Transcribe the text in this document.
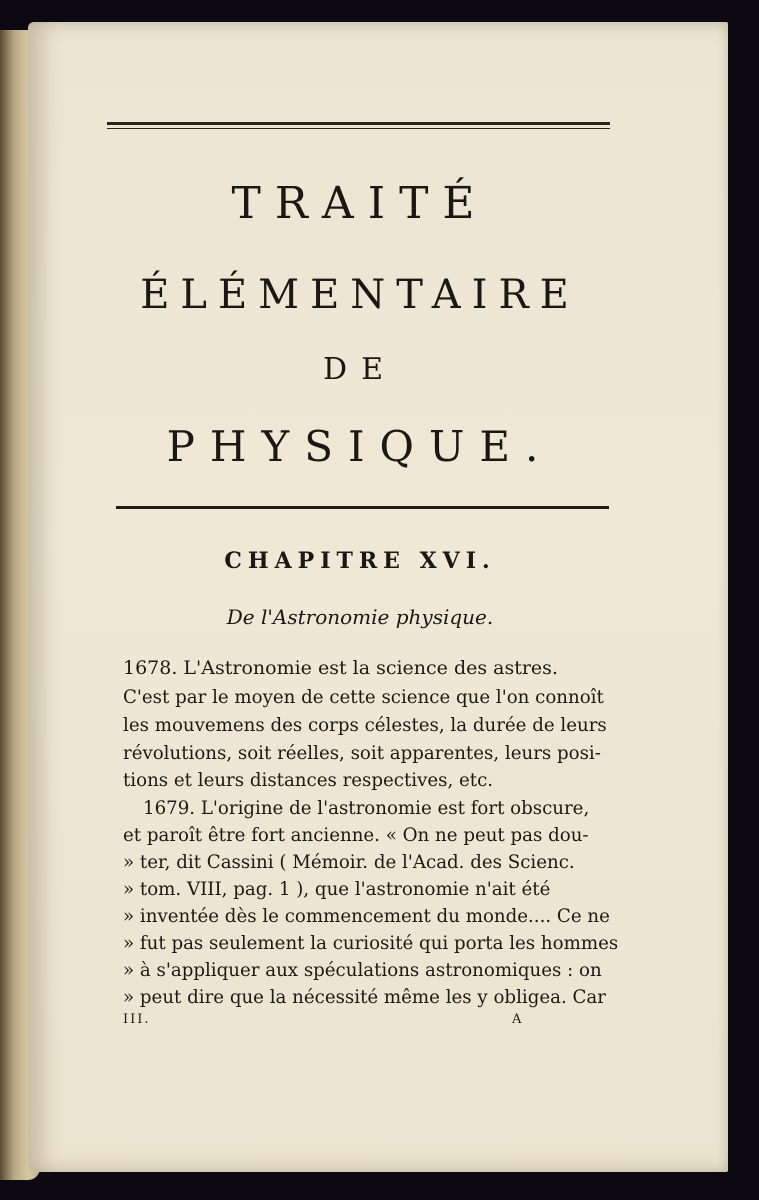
TRAITÉ
ÉLÉMENTAIRE
DE
PHYSIQUE.
CHAPITRE XVI.
De l'Astronomie physique.
1678. L'Astronomie est la science des astres.
C'est par le moyen de cette science que l'on connoît
les mouvemens des corps célestes, la durée de leurs
révolutions, soit réelles, soit apparentes, leurs posi-
tions et leurs distances respectives, etc.
1679. L'origine de l'astronomie est fort obscure,
et paroît être fort ancienne. « On ne peut pas dou-
» ter, dit Cassini ( Mémoir. de l'Acad. des Scienc.
» tom. VIII, pag. 1 ), que l'astronomie n'ait été
» inventée dès le commencement du monde.... Ce ne
» fut pas seulement la curiosité qui porta les hommes
» à s'appliquer aux spéculations astronomiques : on
» peut dire que la nécessité même les y obligea. Car
III.	A
